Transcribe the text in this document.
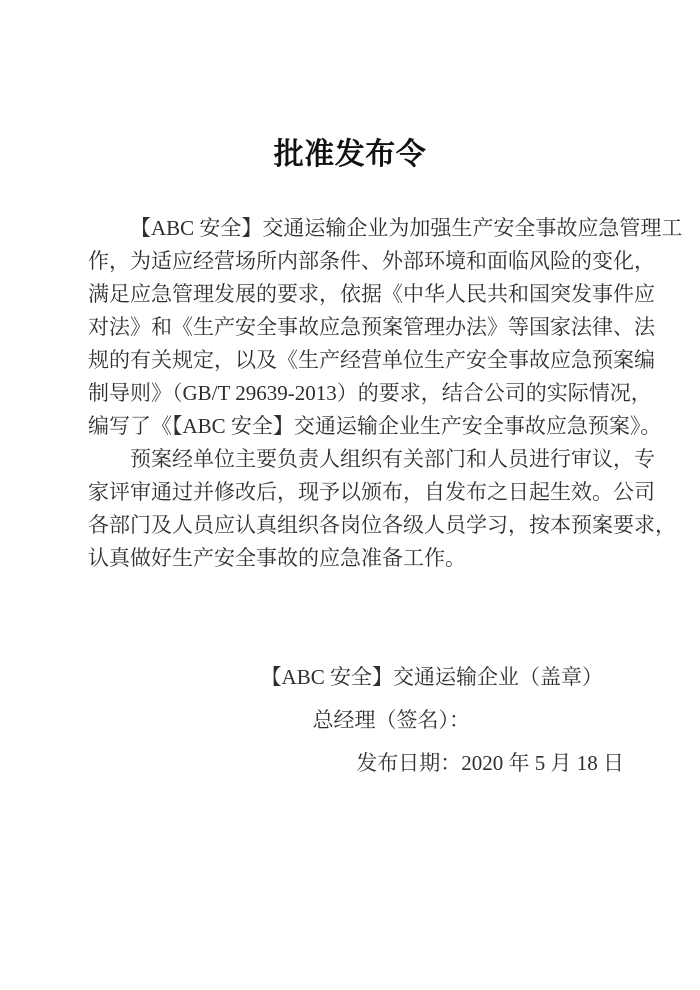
批准发布令

【ABC 安全】交通运输企业为加强生产安全事故应急管理工

作，为适应经营场所内部条件、外部环境和面临风险的变化，

满足应急管理发展的要求，依据《中华人民共和国突发事件应

对法》和《生产安全事故应急预案管理办法》等国家法律、法

规的有关规定，以及《生产经营单位生产安全事故应急预案编

制导则》（GB/T 29639-2013）的要求，结合公司的实际情况，

编写了《【ABC 安全】交通运输企业生产安全事故应急预案》。

预案经单位主要负责人组织有关部门和人员进行审议，专

家评审通过并修改后，现予以颁布，自发布之日起生效。公司

各部门及人员应认真组织各岗位各级人员学习，按本预案要求，

认真做好生产安全事故的应急准备工作。

【ABC 安全】交通运输企业（盖章）

总经理（签名）：

发布日期：2020 年 5 月 18 日
